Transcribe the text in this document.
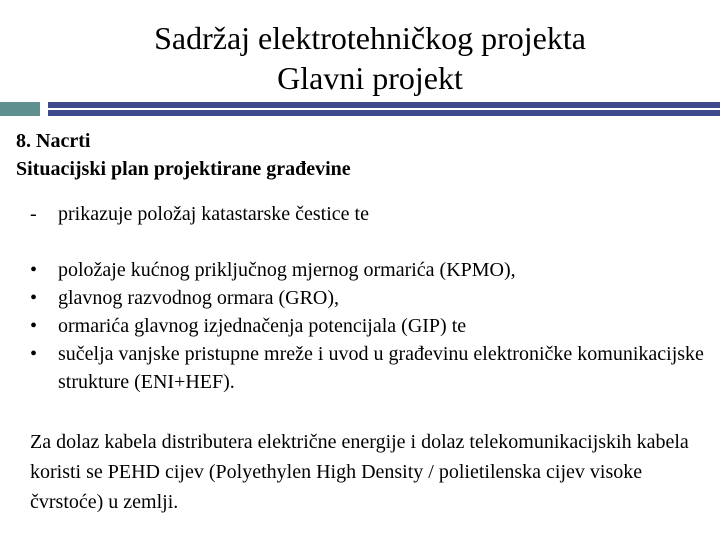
Sadržaj elektrotehničkog projekta
Glavni projekt
8. Nacrti
Situacijski plan projektirane građevine
- prikazuje položaj katastarske čestice te
• položaje kućnog priključnog mjernog ormarića (KPMO),
• glavnog razvodnog ormara (GRO),
• ormarića glavnog izjednačenja potencijala (GIP) te
• sučelja vanjske pristupne mreže i uvod u građevinu elektroničke komunikacijske strukture (ENI+HEF).
Za dolaz kabela distributera električne energije i dolaz telekomunikacijskih kabela koristi se PEHD cijev (Polyethylen High Density / polietilenska cijev visoke čvrstoće) u zemlji.
